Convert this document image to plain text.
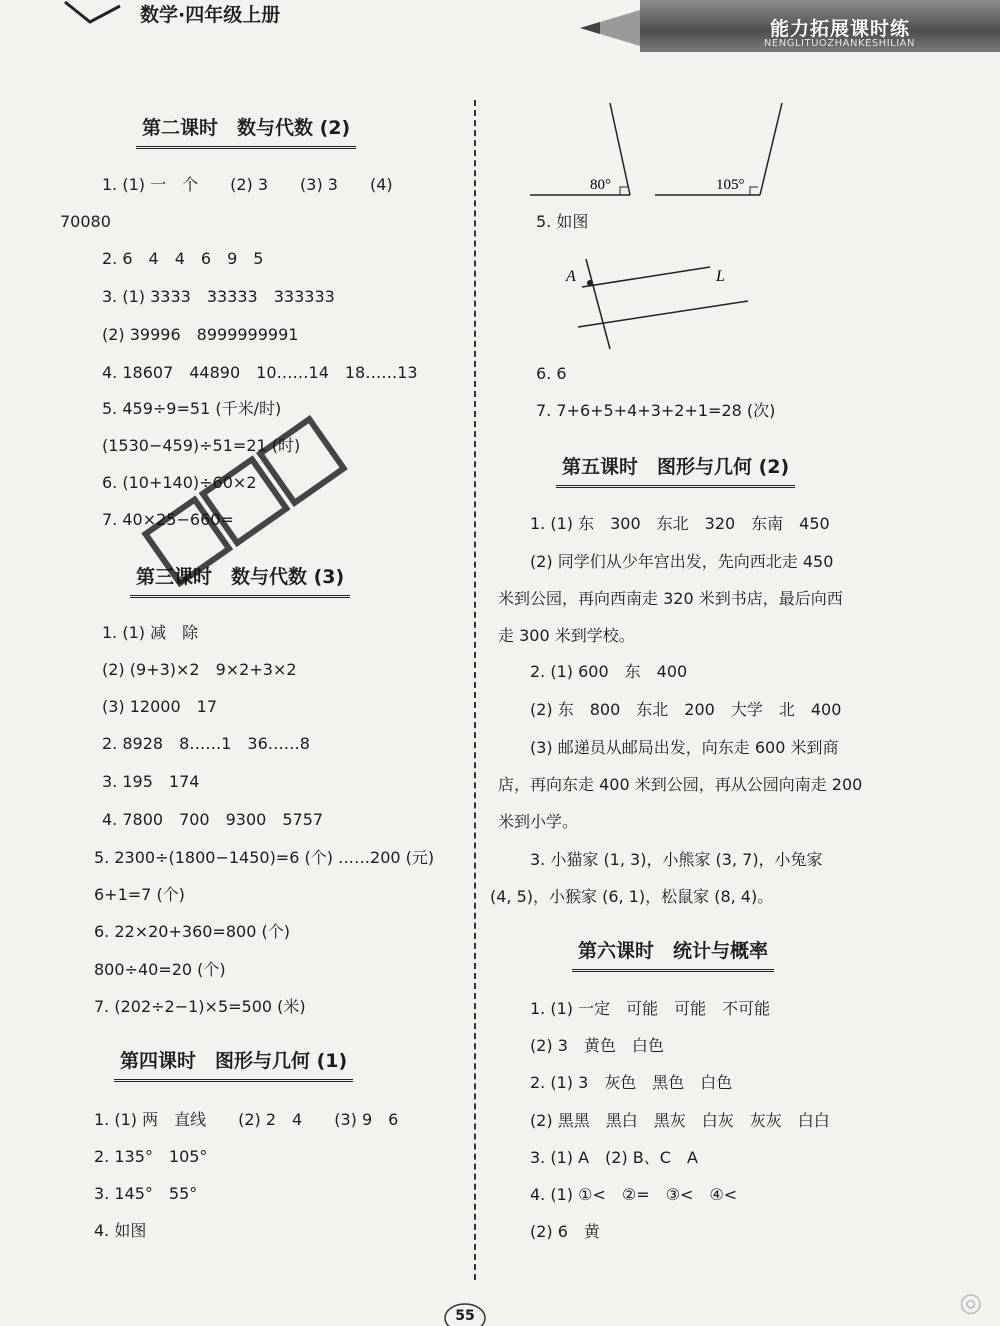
数学·四年级上册
能力拓展课时练
NENGLITUOZHANKESHILIAN
第二课时　数与代数 (2)
1. (1) 一　个　　(2) 3　　(3) 3　　(4)
70080
2. 6　4　4　6　9　5
3. (1) 3333　33333　333333
(2) 39996　8999999991
4. 18607　44890　10……14　18……13
5. 459÷9=51 (千米/时)
(1530−459)÷51=21 (时)
6. (10+140)÷60×2
7. 40×25−660=
第三课时　数与代数 (3)
1. (1) 减　除
(2) (9+3)×2　9×2+3×2
(3) 12000　17
2. 8928　8……1　36……8
3. 195　174
4. 7800　700　9300　5757
5. 2300÷(1800−1450)=6 (个) ……200 (元)
6+1=7 (个)
6. 22×20+360=800 (个)
800÷40=20 (个)
7. (202÷2−1)×5=500 (米)
第四课时　图形与几何 (1)
1. (1) 两　直线　　(2) 2　4　　(3) 9　6
2. 135°　105°
3. 145°　55°
4. 如图
80°	105°
5. 如图
A	L
6. 6
7. 7+6+5+4+3+2+1=28 (次)
第五课时　图形与几何 (2)
1. (1) 东　300　东北　320　东南　450
(2) 同学们从少年宫出发，先向西北走 450
米到公园，再向西南走 320 米到书店，最后向西
走 300 米到学校。
2. (1) 600　东　400
(2) 东　800　东北　200　大学　北　400
(3) 邮递员从邮局出发，向东走 600 米到商
店，再向东走 400 米到公园，再从公园向南走 200
米到小学。
3. 小猫家 (1, 3)，小熊家 (3, 7)，小兔家
(4, 5)，小猴家 (6, 1)，松鼠家 (8, 4)。
第六课时　统计与概率
1. (1) 一定　可能　可能　不可能
(2) 3　黄色　白色
2. (1) 3　灰色　黑色　白色
(2) 黑黑　黑白　黑灰　白灰　灰灰　白白
3. (1) A　(2) B、C　A
4. (1) ①<　②=　③<　④<
(2) 6　黄
55	◎
